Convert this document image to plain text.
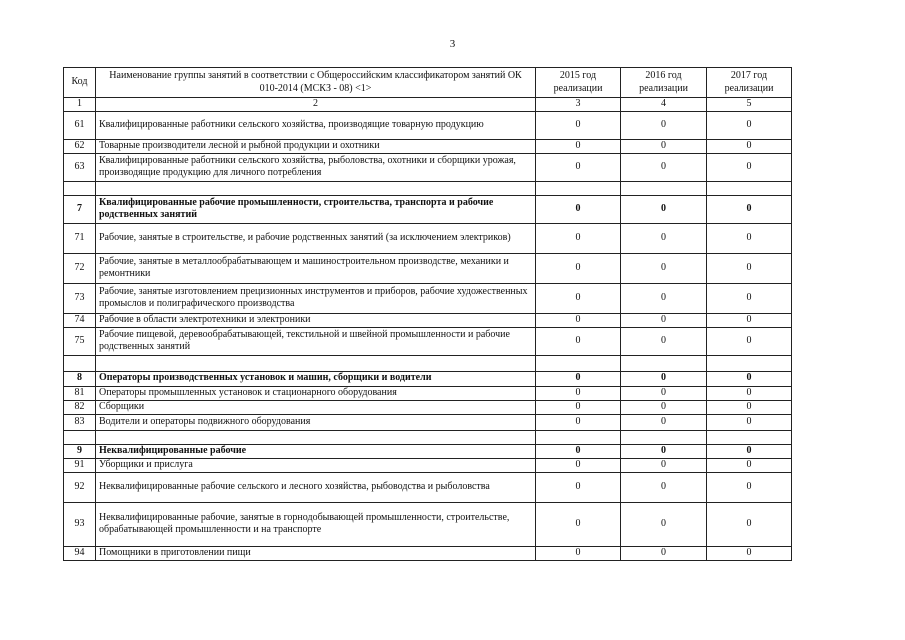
3
Код	Наименование группы занятий в соответствии с Общероссийским классификатором занятий ОК 010-2014 (МСКЗ - 08) <1>	2015 год реализации	2016 год реализации	2017 год реализации
1	2	3	4	5
61	Квалифицированные работники сельского хозяйства, производящие товарную продукцию	0	0	0
62	Товарные производители лесной и рыбной продукции и охотники	0	0	0
63	Квалифицированные работники сельского хозяйства, рыболовства, охотники и сборщики урожая, производящие продукцию для личного потребления	0	0	0

7	Квалифицированные рабочие промышленности, строительства, транспорта и рабочие родственных занятий	0	0	0
71	Рабочие, занятые в строительстве, и рабочие родственных занятий (за исключением электриков)	0	0	0
72	Рабочие, занятые в металлообрабатывающем и машиностроительном производстве, механики и ремонтники	0	0	0
73	Рабочие, занятые изготовлением прецизионных инструментов и приборов, рабочие художественных промыслов и полиграфического производства	0	0	0
74	Рабочие в области электротехники и электроники	0	0	0
75	Рабочие пищевой, деревообрабатывающей, текстильной и швейной промышленности и рабочие родственных занятий	0	0	0

8	Операторы производственных установок и машин, сборщики и водители	0	0	0
81	Операторы промышленных установок и стационарного оборудования	0	0	0
82	Сборщики	0	0	0
83	Водители и операторы подвижного оборудования	0	0	0

9	Неквалифицированные рабочие	0	0	0
91	Уборщики и прислуга	0	0	0
92	Неквалифицированные рабочие сельского и лесного хозяйства, рыбоводства и рыболовства	0	0	0
93	Неквалифицированные рабочие, занятые в горнодобывающей промышленности, строительстве, обрабатывающей промышленности и на транспорте	0	0	0
94	Помощники в приготовлении пищи	0	0	0
